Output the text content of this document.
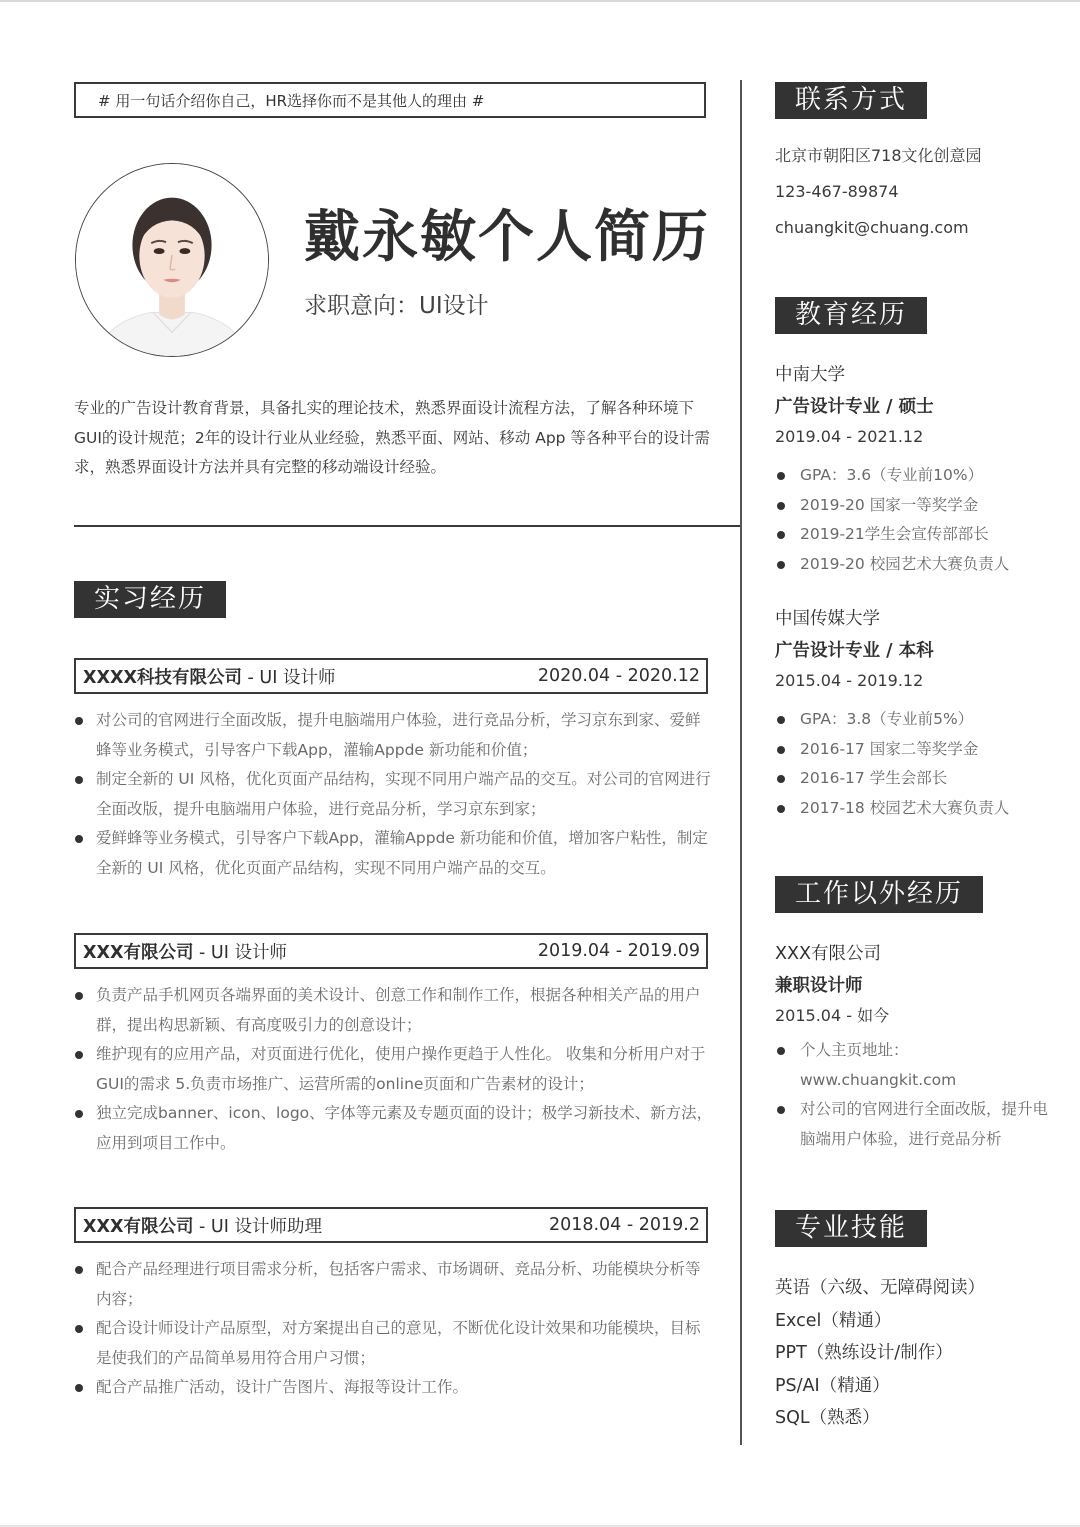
# 用一句话介绍你自己，HR选择你而不是其他人的理由 #
戴永敏个人简历
求职意向：UI设计

专业的广告设计教育背景，具备扎实的理论技术，熟悉界面设计流程方法，了解各种环境下GUI的设计规范；2年的设计行业从业经验，熟悉平面、网站、移动 App 等各种平台的设计需求，熟悉界面设计方法并具有完整的移动端设计经验。

实习经历
XXXX科技有限公司 - UI 设计师	2020.04 - 2020.12
对公司的官网进行全面改版，提升电脑端用户体验，进行竞品分析，学习京东到家、爱鲜蜂等业务模式，引导客户下载App，灌输Appde 新功能和价值；
制定全新的 UI 风格，优化页面产品结构，实现不同用户端产品的交互。对公司的官网进行全面改版，提升电脑端用户体验，进行竞品分析，学习京东到家；
爱鲜蜂等业务模式，引导客户下载App，灌输Appde 新功能和价值，增加客户粘性，制定全新的 UI 风格，优化页面产品结构，实现不同用户端产品的交互。
XXX有限公司 - UI 设计师	2019.04 - 2019.09
负责产品手机网页各端界面的美术设计、创意工作和制作工作，根据各种相关产品的用户群，提出构思新颖、有高度吸引力的创意设计；
维护现有的应用产品，对页面进行优化，使用户操作更趋于人性化。 收集和分析用户对于GUI的需求 5.负责市场推广、运营所需的online页面和广告素材的设计；
独立完成banner、icon、logo、字体等元素及专题页面的设计；极学习新技术、新方法，应用到项目工作中。
XXX有限公司 - UI 设计师助理	2018.04 - 2019.2
配合产品经理进行项目需求分析，包括客户需求、市场调研、竞品分析、功能模块分析等内容；
配合设计师设计产品原型，对方案提出自己的意见，不断优化设计效果和功能模块，目标是使我们的产品简单易用符合用户习惯；
配合产品推广活动，设计广告图片、海报等设计工作。
联系方式
北京市朝阳区718文化创意园
123-467-89874
chuangkit@chuang.com
教育经历
中南大学
广告设计专业 / 硕士
2019.04 - 2021.12
GPA：3.6（专业前10%）
2019-20 国家一等奖学金
2019-21学生会宣传部部长
2019-20 校园艺术大赛负责人
中国传媒大学
广告设计专业 / 本科
2015.04 - 2019.12
GPA：3.8（专业前5%）
2016-17 国家二等奖学金
2016-17 学生会部长
2017-18 校园艺术大赛负责人
工作以外经历
XXX有限公司
兼职设计师
2015.04 - 如今
个人主页地址：www.chuangkit.com
对公司的官网进行全面改版，提升电脑端用户体验，进行竞品分析
专业技能
英语（六级、无障碍阅读）
Excel（精通）
PPT（熟练设计/制作）
PS/AI（精通）
SQL（熟悉）
